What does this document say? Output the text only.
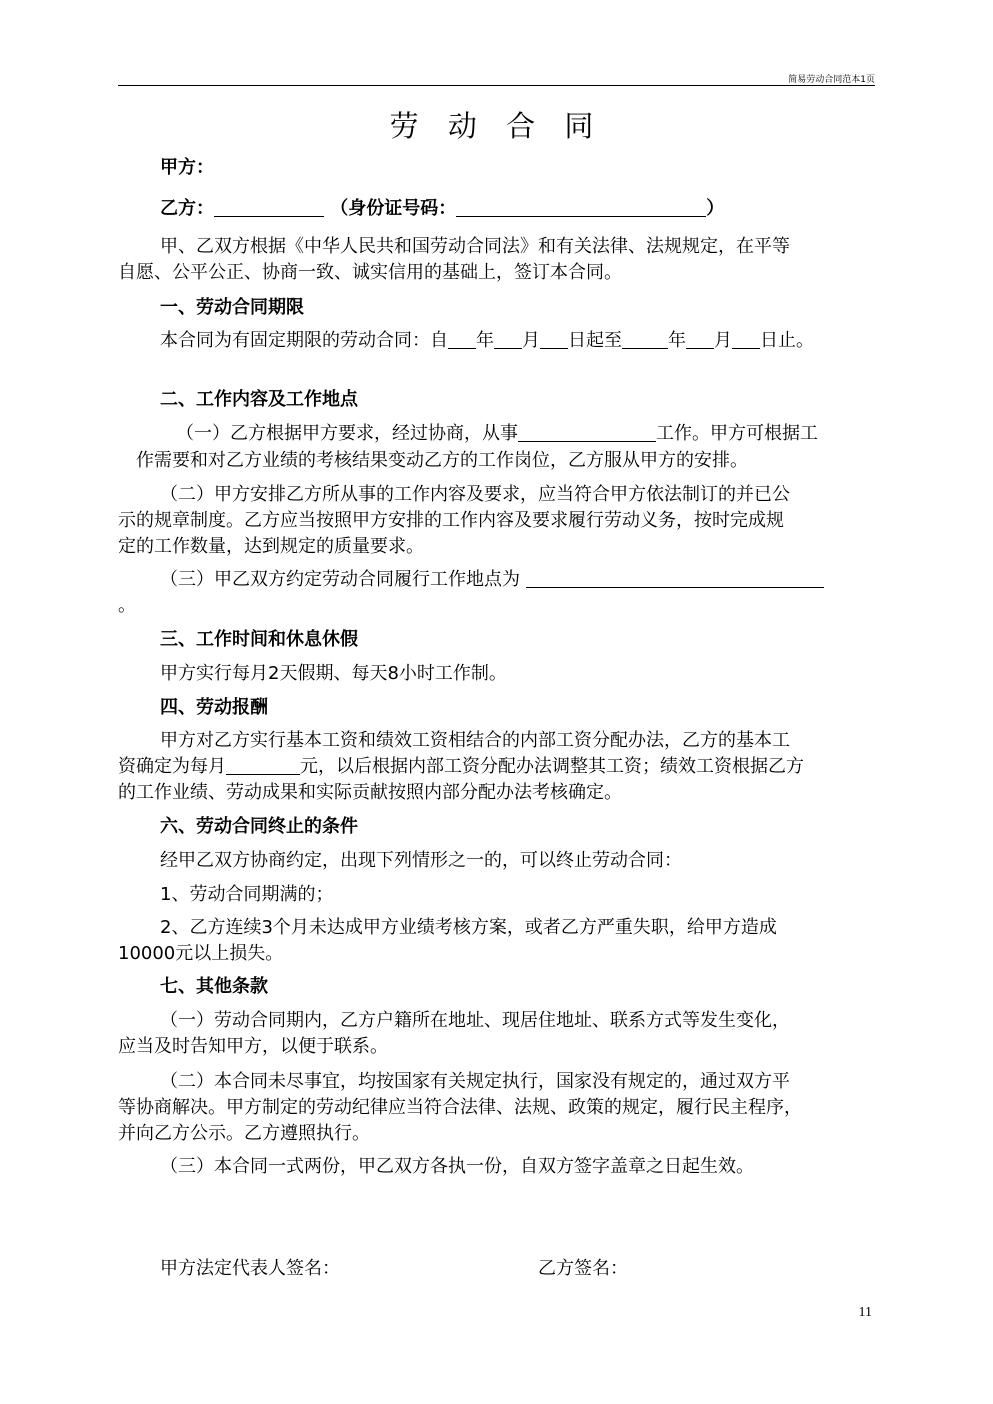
简易劳动合同范本1页
劳 动 合 同
甲方：
乙方：	（身份证号码：	）
甲、乙双方根据《中华人民共和国劳动合同法》和有关法律、法规规定，在平等
自愿、公平公正、协商一致、诚实信用的基础上，签订本合同。
一、劳动合同期限
本合同为有固定期限的劳动合同：自 年 月 日起至	年 月 日止。
二、工作内容及工作地点
（一）乙方根据甲方要求，经过协商，从事	工作。甲方可根据工
作需要和对乙方业绩的考核结果变动乙方的工作岗位，乙方服从甲方的安排。
（二）甲方安排乙方所从事的工作内容及要求，应当符合甲方依法制订的并已公
示的规章制度。乙方应当按照甲方安排的工作内容及要求履行劳动义务，按时完成规
定的工作数量，达到规定的质量要求。
（三）甲乙双方约定劳动合同履行工作地点为
。
三、工作时间和休息休假
甲方实行每月2天假期、每天8小时工作制。
四、劳动报酬
甲方对乙方实行基本工资和绩效工资相结合的内部工资分配办法，乙方的基本工
资确定为每月	元，以后根据内部工资分配办法调整其工资；绩效工资根据乙方
的工作业绩、劳动成果和实际贡献按照内部分配办法考核确定。
六、劳动合同终止的条件
经甲乙双方协商约定，出现下列情形之一的，可以终止劳动合同：
1、劳动合同期满的；
2、乙方连续3个月未达成甲方业绩考核方案，或者乙方严重失职，给甲方造成
10000元以上损失。
七、其他条款
（一）劳动合同期内，乙方户籍所在地址、现居住地址、联系方式等发生变化，
应当及时告知甲方，以便于联系。
（二）本合同未尽事宜，均按国家有关规定执行，国家没有规定的，通过双方平
等协商解决。甲方制定的劳动纪律应当符合法律、法规、政策的规定，履行民主程序，
并向乙方公示。乙方遵照执行。
（三）本合同一式两份，甲乙双方各执一份，自双方签字盖章之日起生效。
甲方法定代表人签名：	乙方签名：
11
